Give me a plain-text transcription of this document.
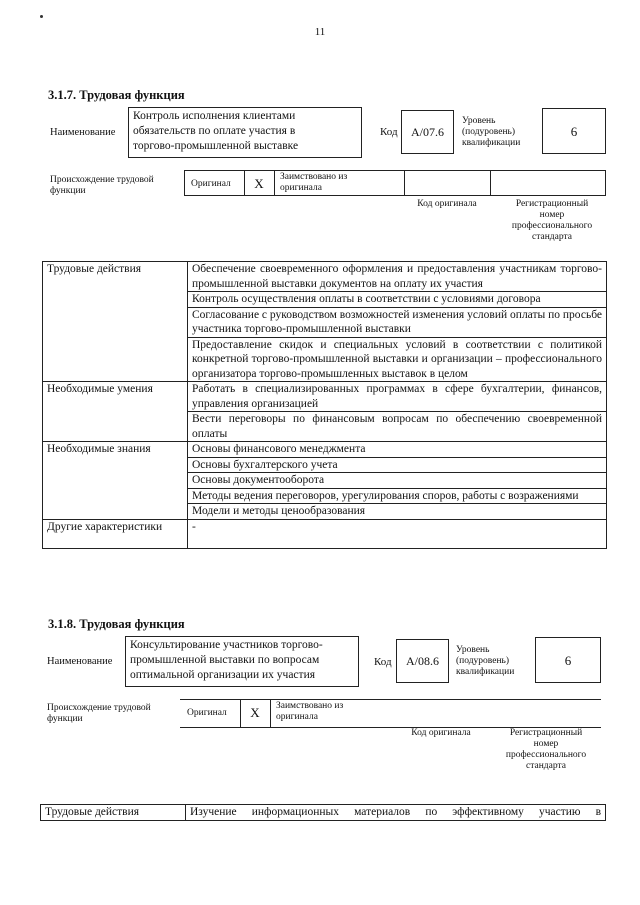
11
3.1.7. Трудовая функция
Наименование
Контроль исполнения клиентами
обязательств по оплате участия в
торгово-промышленной выставке
Код	А/07.6
Уровень
(подуровень)
квалификации
6
Происхождение трудовой
функции
Оригинал	X	Заимствовано из
оригинала
Код оригинала	Регистрационный
номер
профессионального
стандарта
Трудовые действия	Обеспечение своевременного оформления и предоставления участникам торгово-промышленной выставки документов на оплату их участия
	Контроль осуществления оплаты в соответствии с условиями договора
	Согласование с руководством возможностей изменения условий оплаты по просьбе участника торгово-промышленной выставки
	Предоставление скидок и специальных условий в соответствии с политикой конкретной торгово-промышленной выставки и организации – профессионального организатора торгово-промышленных выставок в целом
Необходимые умения	Работать в специализированных программах в сфере бухгалтерии, финансов, управления организацией
	Вести переговоры по финансовым вопросам по обеспечению своевременной оплаты
Необходимые знания	Основы финансового менеджмента
	Основы бухгалтерского учета
	Основы документооборота
	Методы ведения переговоров, урегулирования споров, работы с возражениями
	Модели и методы ценообразования
Другие характеристики	-
3.1.8. Трудовая функция
Наименование
Консультирование участников торгово-
промышленной выставки по вопросам
оптимальной организации их участия
Код	А/08.6
Уровень
(подуровень)
квалификации
6
Происхождение трудовой
функции
Оригинал	X	Заимствовано из
оригинала
Код оригинала	Регистрационный
номер
профессионального
стандарта
Трудовые действия	Изучение информационных материалов по эффективному участию в
